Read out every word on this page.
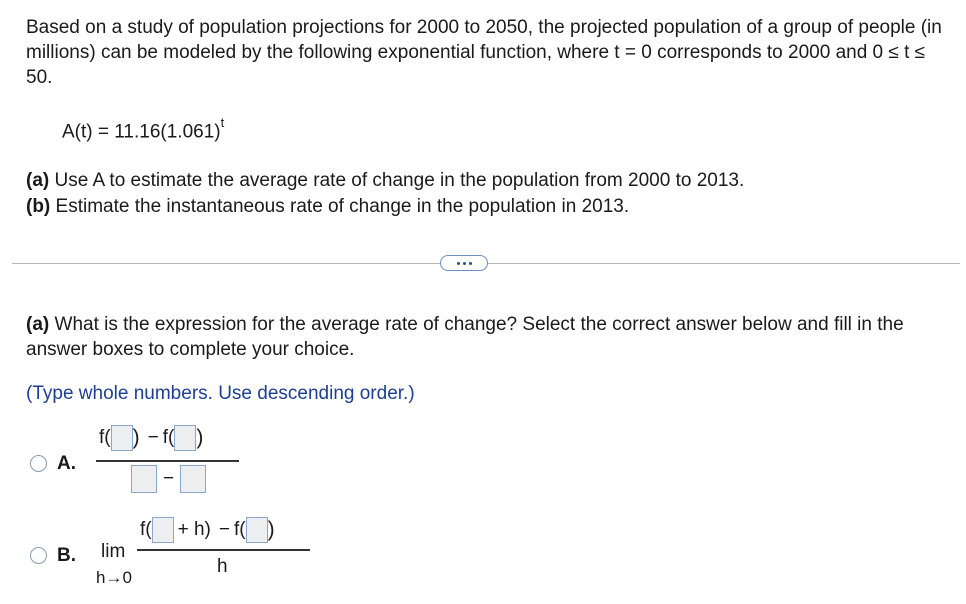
Based on a study of population projections for 2000 to 2050, the projected population of a group of people (in millions) can be modeled by the following exponential function, where t = 0 corresponds to 2000 and 0 ≤ t ≤ 50.
$A(t) = 11.16(1.061)^t$
(a) Use A to estimate the average rate of change in the population from 2000 to 2013.
(b) Estimate the instantaneous rate of change in the population in 2013.
(a) What is the expression for the average rate of change? Select the correct answer below and fill in the answer boxes to complete your choice.
(Type whole numbers. Use descending order.)
A.
f( ) − f( )
−
B. lim
h→0
f( + h) − f( )
h
